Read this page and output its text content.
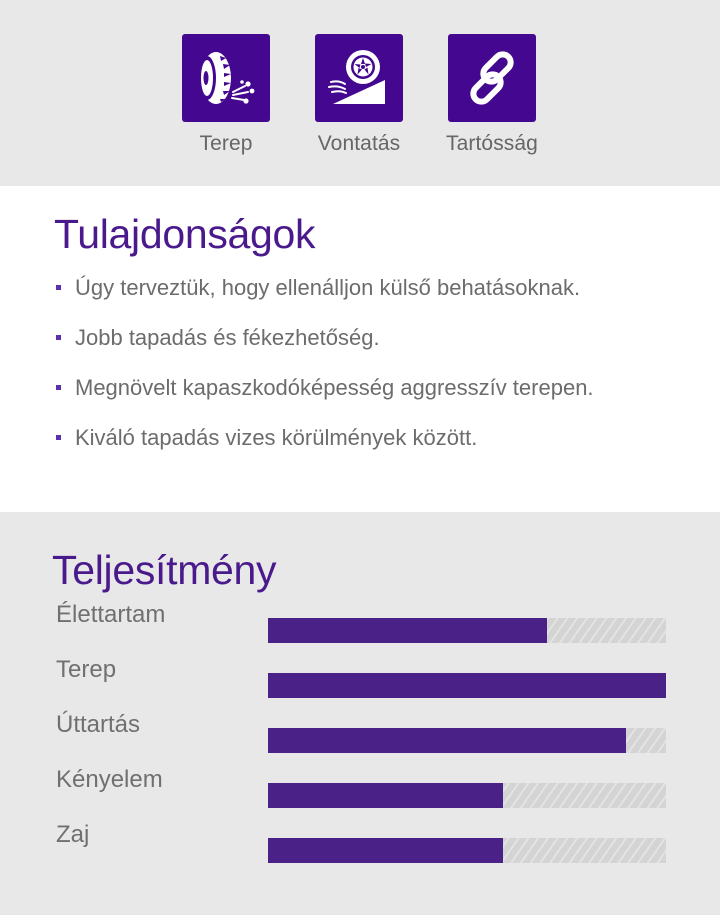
Terep	Vontatás	Tartósság
Tulajdonságok
Úgy terveztük, hogy ellenálljon külső behatásoknak.
Jobb tapadás és fékezhetőség.
Megnövelt kapaszkodóképesség aggresszív terepen.
Kiváló tapadás vizes körülmények között.
Teljesítmény
Élettartam
Terep
Úttartás
Kényelem
Zaj
